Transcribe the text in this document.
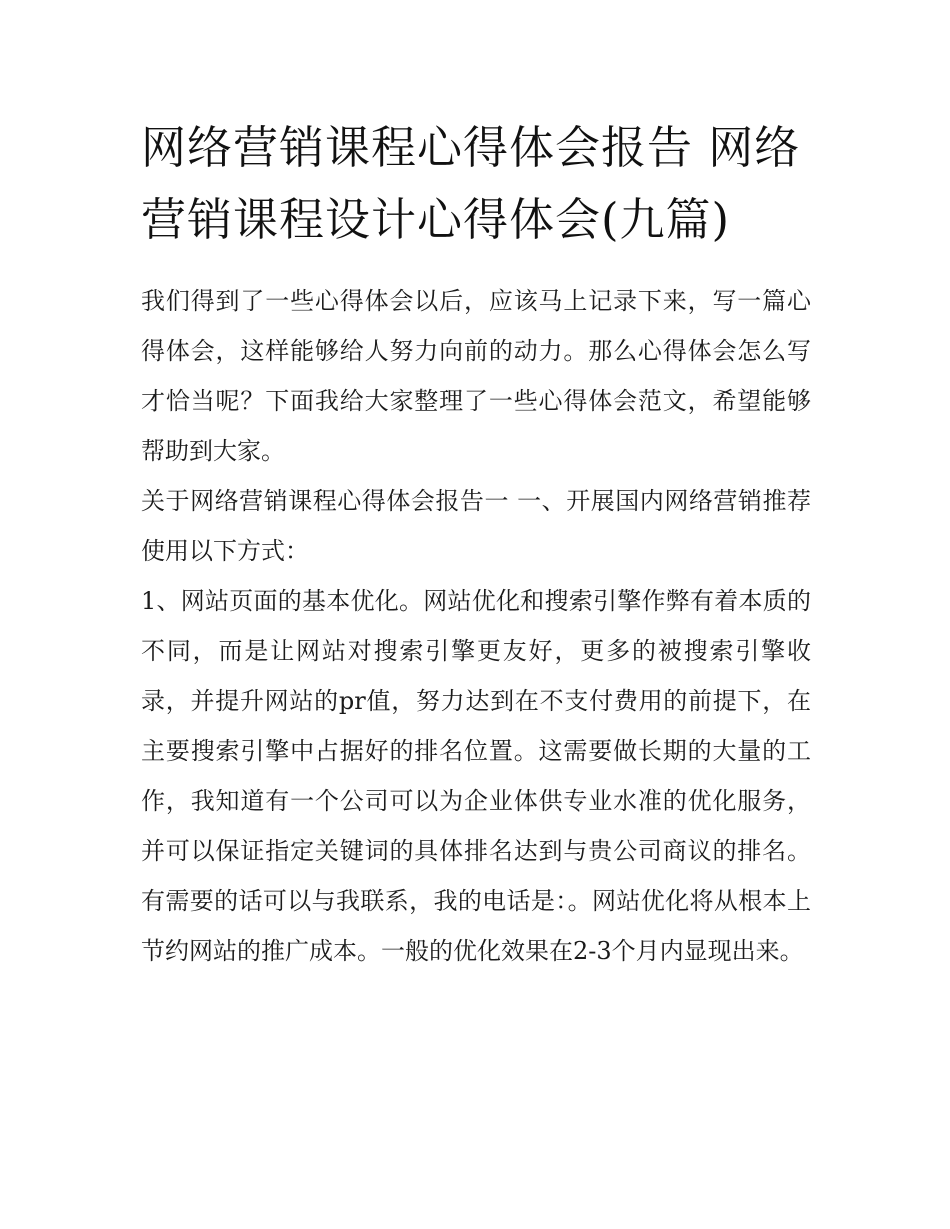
网络营销课程心得体会报告 网络营销课程设计心得体会(九篇)

我们得到了一些心得体会以后，应该马上记录下来，写一篇心得体会，这样能够给人努力向前的动力。那么心得体会怎么写才恰当呢？下面我给大家整理了一些心得体会范文，希望能够帮助到大家。

关于网络营销课程心得体会报告一 一、开展国内网络营销推荐使用以下方式：

1、网站页面的基本优化。网站优化和搜索引擎作弊有着本质的不同，而是让网站对搜索引擎更友好，更多的被搜索引擎收录，并提升网站的pr值，努力达到在不支付费用的前提下，在主要搜索引擎中占据好的排名位置。这需要做长期的大量的工作，我知道有一个公司可以为企业体供专业水准的优化服务，并可以保证指定关键词的具体排名达到与贵公司商议的排名。有需要的话可以与我联系，我的电话是：。网站优化将从根本上节约网站的推广成本。一般的优化效果在2-3个月内显现出来。
